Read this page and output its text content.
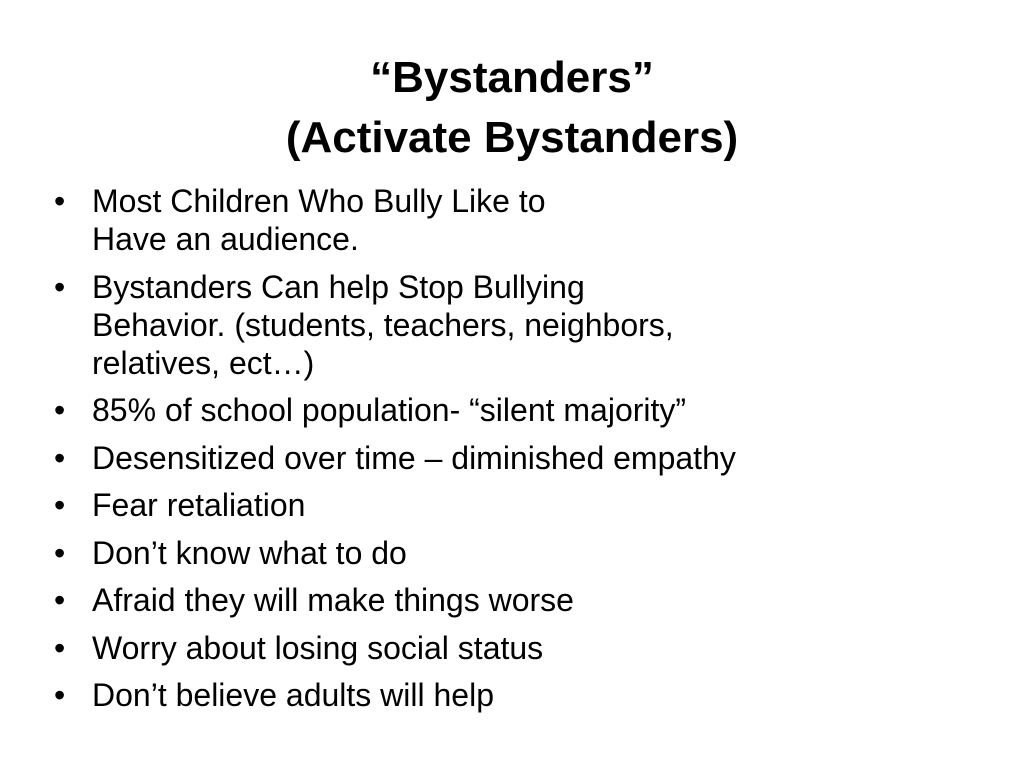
“Bystanders”
(Activate Bystanders)
• Most Children Who Bully Like to
Have an audience.
• Bystanders Can help Stop Bullying
Behavior. (students, teachers, neighbors,
relatives, ect…)
• 85% of school population- “silent majority”
• Desensitized over time – diminished empathy
• Fear retaliation
• Don’t know what to do
• Afraid they will make things worse
• Worry about losing social status
• Don’t believe adults will help
